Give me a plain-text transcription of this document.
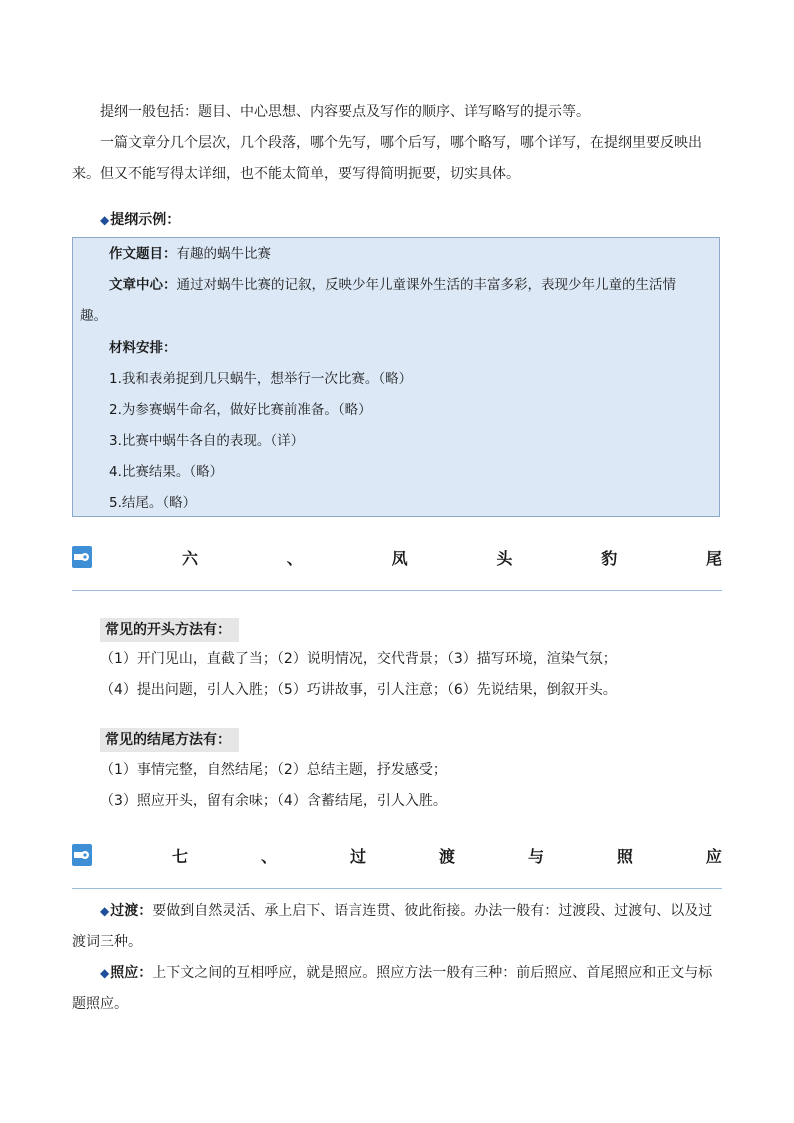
提纲一般包括：题目、中心思想、内容要点及写作的顺序、详写略写的提示等。

一篇文章分几个层次，几个段落，哪个先写，哪个后写，哪个略写，哪个详写，在提纲里要反映出

来。但又不能写得太详细，也不能太简单，要写得简明扼要，切实具体。

◆提纲示例：

作文题目：有趣的蜗牛比赛

文章中心：通过对蜗牛比赛的记叙，反映少年儿童课外生活的丰富多彩，表现少年儿童的生活情

趣。

材料安排：

1.我和表弟捉到几只蜗牛，想举行一次比赛。（略）

2.为参赛蜗牛命名，做好比赛前准备。（略）

3.比赛中蜗牛各自的表现。（详）

4.比赛结果。（略）

5.结尾。（略）

六	、	凤	头	豹	尾
常见的开头方法有：

（1）开门见山，直截了当；（2）说明情况，交代背景；（3）描写环境，渲染气氛；

（4）提出问题，引人入胜；（5）巧讲故事，引人注意；（6）先说结果，倒叙开头。

常见的结尾方法有：

（1）事情完整，自然结尾；（2）总结主题，抒发感受；

（3）照应开头，留有余味；（4）含蓄结尾，引人入胜。

七	、	过	渡	与	照	应

◆过渡：要做到自然灵活、承上启下、语言连贯、彼此衔接。办法一般有：过渡段、过渡句、以及过

渡词三种。

◆照应：上下文之间的互相呼应，就是照应。照应方法一般有三种：前后照应、首尾照应和正文与标

题照应。
